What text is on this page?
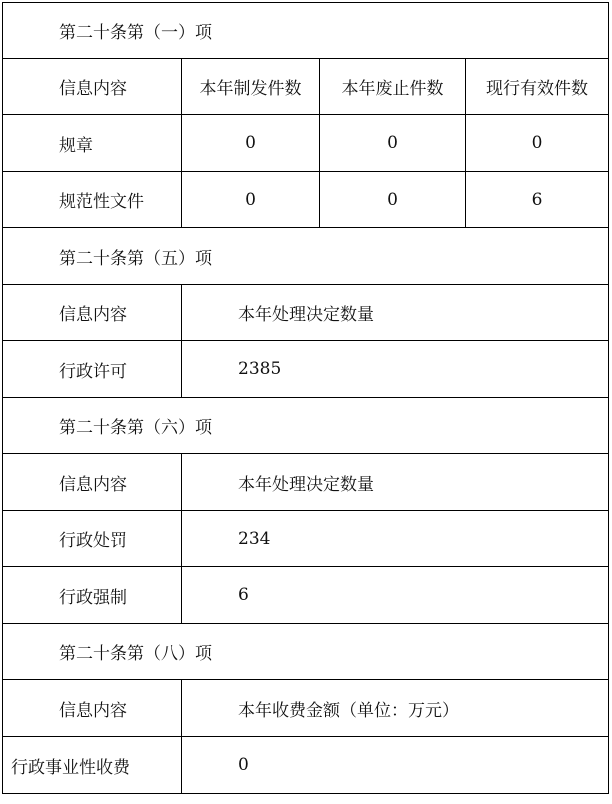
第二十条第（一）项			
信息内容	本年制发件数	本年废止件数	现行有效件数
规章	0	0	0
规范性文件	0	0	6
第二十条第（五）项			
信息内容	本年处理决定数量		
行政许可	2385		
第二十条第（六）项			
信息内容	本年处理决定数量		
行政处罚	234		
行政强制	6		
第二十条第（八）项			
信息内容	本年收费金额（单位：万元）		
行政事业性收费	0		
